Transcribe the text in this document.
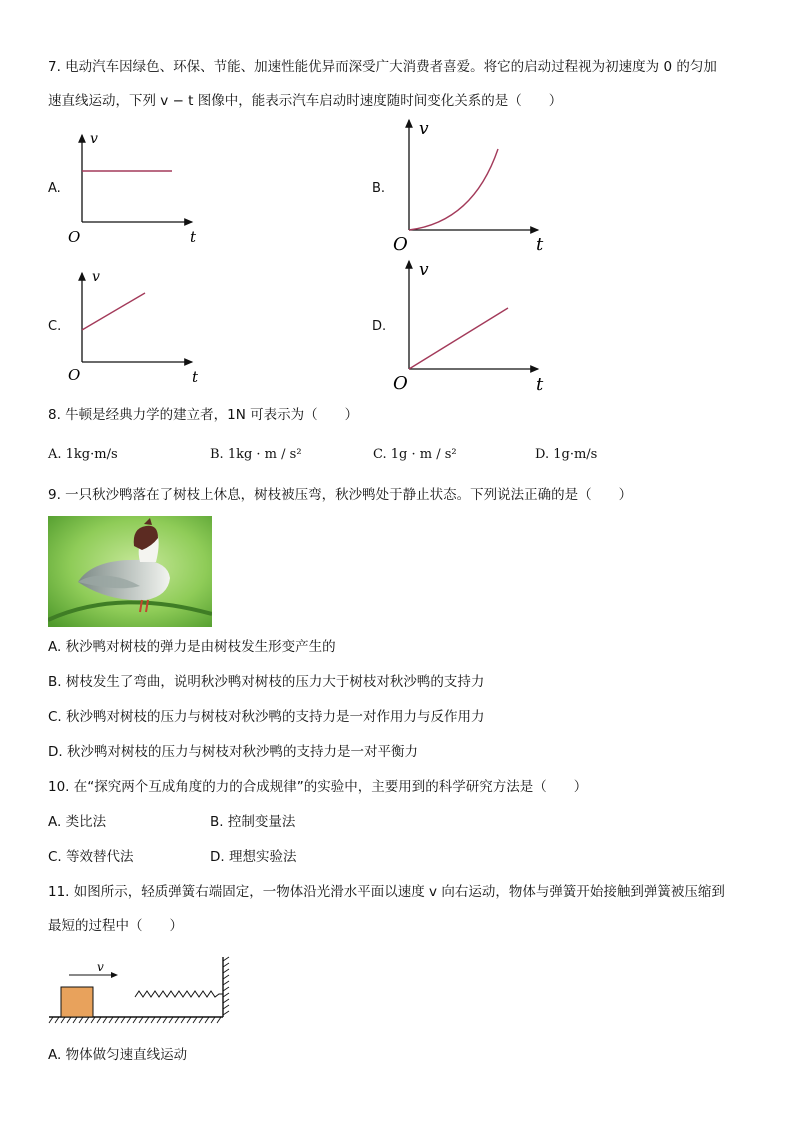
7. 电动汽车因绿色、环保、节能、加速性能优异而深受广大消费者喜爱。将它的启动过程视为初速度为 0 的匀加
速直线运动，下列 v − t 图像中，能表示汽车启动时速度随时间变化关系的是（　　）
A.
v
t
O
B.
v
t
O
C.
v
t
O
D.
v
t
O
8. 牛顿是经典力学的建立者，1N 可表示为（　　）
A. 1kg·m/s	B. 1kg · m / s²	C. 1g · m / s²	D. 1g·m/s
9. 一只秋沙鸭落在了树枝上休息，树枝被压弯，秋沙鸭处于静止状态。下列说法正确的是（　　）
A. 秋沙鸭对树枝的弹力是由树枝发生形变产生的
B. 树枝发生了弯曲，说明秋沙鸭对树枝的压力大于树枝对秋沙鸭的支持力
C. 秋沙鸭对树枝的压力与树枝对秋沙鸭的支持力是一对作用力与反作用力
D. 秋沙鸭对树枝的压力与树枝对秋沙鸭的支持力是一对平衡力
10. 在“探究两个互成角度的力的合成规律”的实验中，主要用到的科学研究方法是（　　）
A. 类比法	B. 控制变量法
C. 等效替代法	D. 理想实验法
11. 如图所示，轻质弹簧右端固定，一物体沿光滑水平面以速度 v 向右运动，物体与弹簧开始接触到弹簧被压缩到
最短的过程中（　　）
v
A. 物体做匀速直线运动
